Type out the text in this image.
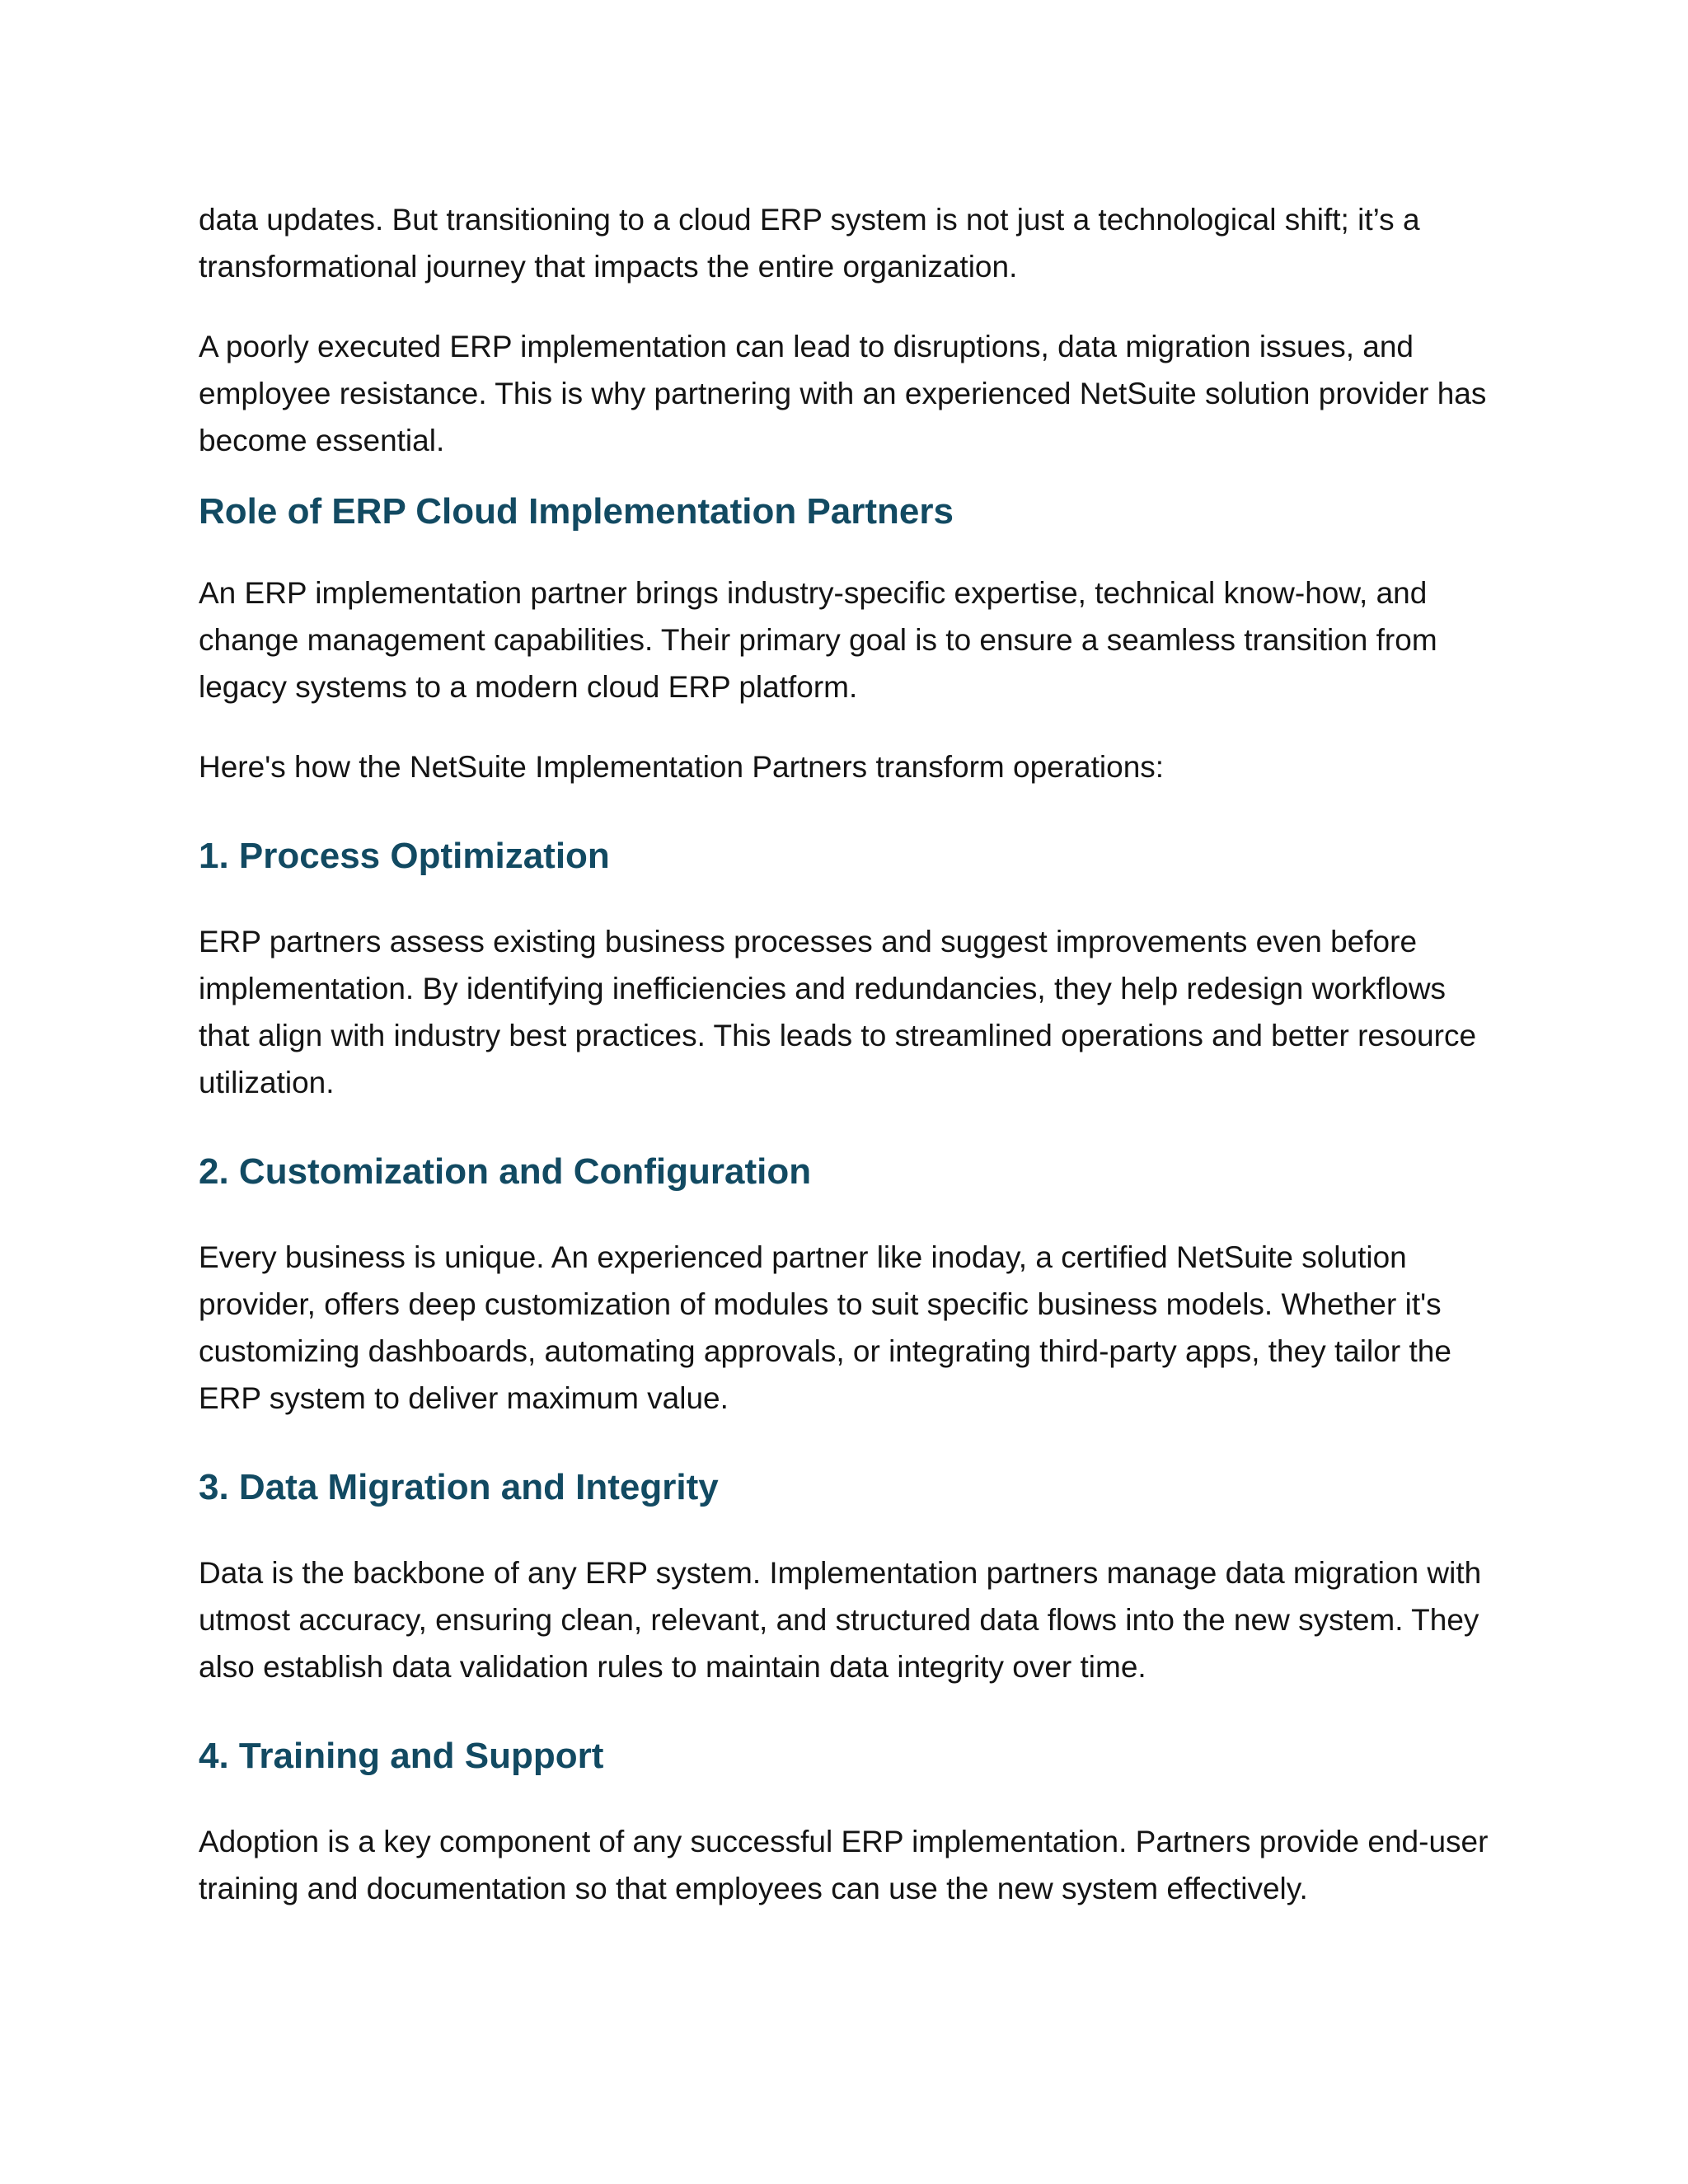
data updates. But transitioning to a cloud ERP system is not just a technological shift; it’s a transformational journey that impacts the entire organization.

A poorly executed ERP implementation can lead to disruptions, data migration issues, and employee resistance. This is why partnering with an experienced NetSuite solution provider has become essential.

Role of ERP Cloud Implementation Partners

An ERP implementation partner brings industry-specific expertise, technical know-how, and change management capabilities. Their primary goal is to ensure a seamless transition from legacy systems to a modern cloud ERP platform.

Here's how the NetSuite Implementation Partners transform operations:

1. Process Optimization

ERP partners assess existing business processes and suggest improvements even before implementation. By identifying inefficiencies and redundancies, they help redesign workflows that align with industry best practices. This leads to streamlined operations and better resource utilization.

2. Customization and Configuration

Every business is unique. An experienced partner like inoday, a certified NetSuite solution provider, offers deep customization of modules to suit specific business models. Whether it's customizing dashboards, automating approvals, or integrating third-party apps, they tailor the ERP system to deliver maximum value.

3. Data Migration and Integrity

Data is the backbone of any ERP system. Implementation partners manage data migration with utmost accuracy, ensuring clean, relevant, and structured data flows into the new system. They also establish data validation rules to maintain data integrity over time.

4. Training and Support

Adoption is a key component of any successful ERP implementation. Partners provide end-user training and documentation so that employees can use the new system effectively.
